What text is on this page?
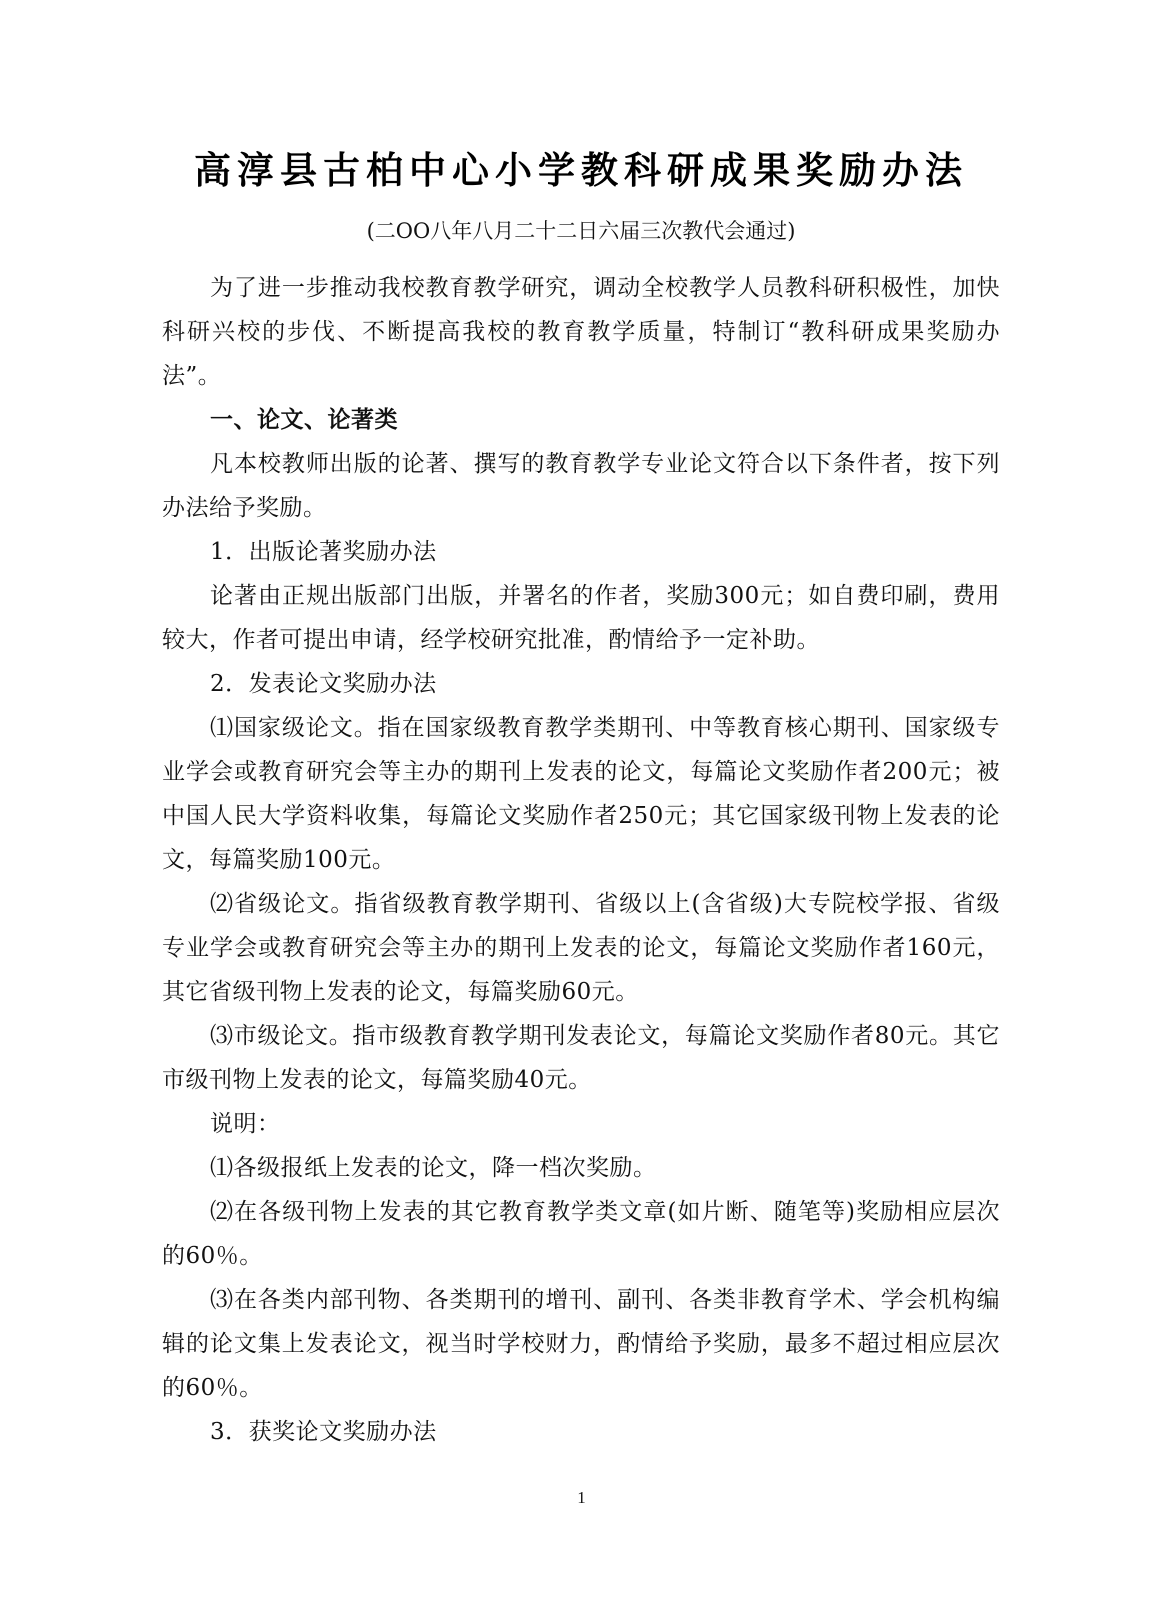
高淳县古柏中心小学教科研成果奖励办法
(二OO八年八月二十二日六届三次教代会通过)

为了进一步推动我校教育教学研究，调动全校教学人员教科研积极性，加快科研兴校的步伐、不断提高我校的教育教学质量，特制订“教科研成果奖励办法”。

一、论文、论著类

凡本校教师出版的论著、撰写的教育教学专业论文符合以下条件者，按下列办法给予奖励。

1．出版论著奖励办法

论著由正规出版部门出版，并署名的作者，奖励300元；如自费印刷，费用较大，作者可提出申请，经学校研究批准，酌情给予一定补助。

2．发表论文奖励办法

⑴国家级论文。指在国家级教育教学类期刊、中等教育核心期刊、国家级专业学会或教育研究会等主办的期刊上发表的论文，每篇论文奖励作者200元；被中国人民大学资料收集，每篇论文奖励作者250元；其它国家级刊物上发表的论文，每篇奖励100元。

⑵省级论文。指省级教育教学期刊、省级以上(含省级)大专院校学报、省级专业学会或教育研究会等主办的期刊上发表的论文，每篇论文奖励作者160元，其它省级刊物上发表的论文，每篇奖励60元。

⑶市级论文。指市级教育教学期刊发表论文，每篇论文奖励作者80元。其它市级刊物上发表的论文，每篇奖励40元。

说明：

⑴各级报纸上发表的论文，降一档次奖励。

⑵在各级刊物上发表的其它教育教学类文章(如片断、随笔等)奖励相应层次的60％。

⑶在各类内部刊物、各类期刊的增刊、副刊、各类非教育学术、学会机构编辑的论文集上发表论文，视当时学校财力，酌情给予奖励，最多不超过相应层次的60％。

3．获奖论文奖励办法

1
